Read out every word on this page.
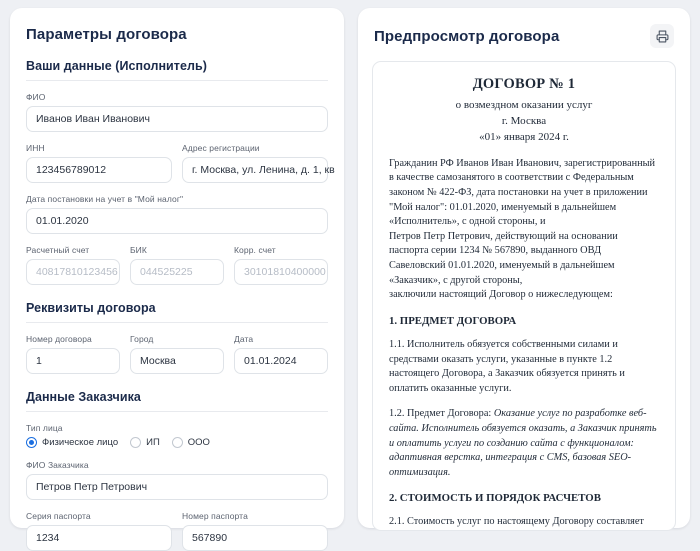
Параметры договора
Ваши данные (Исполнитель)
ФИО
Иванов Иван Иванович
ИНН
123456789012
Адрес регистрации
г. Москва, ул. Ленина, д. 1, кв
Дата постановки на учет в "Мой налог"
01.01.2020
Расчетный счет
40817810123456
БИК
044525225
Корр. счет
30101810400000
Реквизиты договора
Номер договора
1
Город
Москва
Дата
01.01.2024
Данные Заказчика
Тип лица
Физическое лицо	ИП	ООО
ФИО Заказчика
Петров Петр Петрович
Серия паспорта
1234
Номер паспорта
567890
Предпросмотр договора
ДОГОВОР № 1
о возмездном оказании услуг
г. Москва
«01» января 2024 г.
Гражданин РФ Иванов Иван Иванович, зарегистрированный в качестве самозанятого в соответствии с Федеральным законом № 422-ФЗ, дата постановки на учет в приложении "Мой налог": 01.01.2020, именуемый в дальнейшем «Исполнитель», с одной стороны, и
Петров Петр Петрович, действующий на основании паспорта серии 1234 № 567890, выданного ОВД Савеловский 01.01.2020, именуемый в дальнейшем «Заказчик», с другой стороны,
заключили настоящий Договор о нижеследующем:
1. ПРЕДМЕТ ДОГОВОРА
1.1. Исполнитель обязуется собственными силами и средствами оказать услуги, указанные в пункте 1.2 настоящего Договора, а Заказчик обязуется принять и оплатить оказанные услуги.
1.2. Предмет Договора: Оказание услуг по разработке веб-сайта. Исполнитель обязуется оказать, а Заказчик принять и оплатить услуги по созданию сайта с функционалом: адаптивная верстка, интеграция с CMS, базовая SEO-оптимизация.
2. СТОИМОСТЬ И ПОРЯДОК РАСЧЕТОВ
2.1. Стоимость услуг по настоящему Договору составляет
